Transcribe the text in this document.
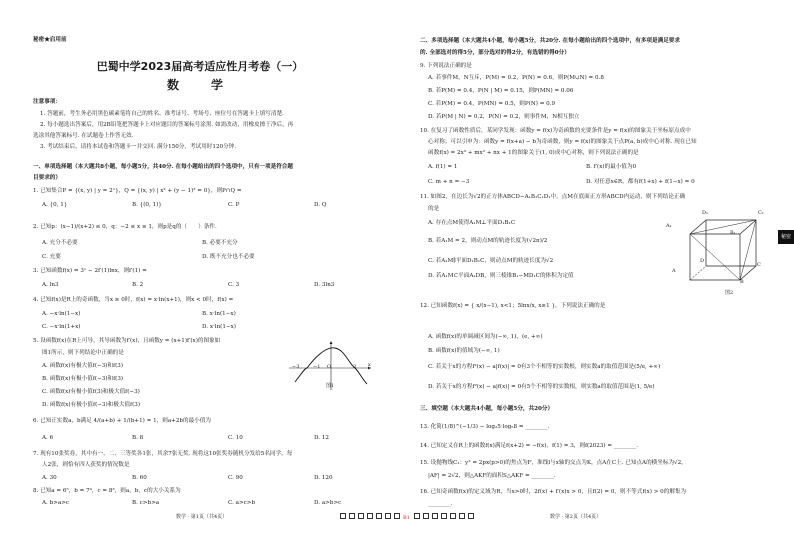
秘密★启用前
巴蜀中学2023届高考适应性月考卷（一）
数　学
注意事项：
1. 答题前，考生务必用黑色碳素笔将自己的姓名、准考证号、考场号、座位号在答题卡上填写清楚.
2. 每小题选出答案后，用2B铅笔把答题卡上对应题目的答案标号涂黑. 如需改动，用橡皮擦干净后，再
选涂其他答案标号. 在试题卷上作答无效.
3. 考试结束后，请将本试卷和答题卡一并交回. 满分150分，考试用时120分钟.
一、单项选择题（本大题共8小题，每小题5分，共40分. 在每小题给出的四个选项中，只有一项是符合题
目要求的）
1. 已知集合P = {(x, y) | y = 2ˣ}，Q = {(x, y) | x² + (y − 1)² = 0}，则P∩Q =
A. {0, 1}	B. {(0, 1)}	C. P	D. Q
2. 已知p：(x−1)/(x+2) ≤ 0，q：−2 ≤ x ≤ 1，则p是q的（　　）条件.
A. 充分不必要	B. 必要不充分
C. 充要	D. 既不充分也不必要
3. 已知函数f(x) = 3ˣ − 2f′(1)lnx，则f′(1) =
A. ln3	B. 2	C. 3	D. 3ln3
4. 已知f(x)是R上的奇函数，当x ≥ 0时，f(x) = x·ln(x+1)，则x < 0时，f(x) =
A. −x·ln(1−x)	B. x·ln(1−x)
C. −x·ln(1+x)	D. x·ln(1−x)
5. 设函数f(x)在R上可导，其导函数为f′(x)，且函数y = (x+1)f′(x)的图象如
图1所示，则下列结论中正确的是
A. 函数f(x)有极大值f(−3)和f(3)
B. 函数f(x)有极小值f(−3)和f(3)
C. 函数f(x)有极小值f(3)和极大值f(−3)
D. 函数f(x)有极小值f(−3)和极大值f(3)
−3	−1 O	3 x
图1
6. 已知正实数a，b满足 4/(a+b) + 1/(b+1) = 1，则a+2b的最小值为
A. 6	B. 8	C. 10	D. 12
7. 现有10张奖券，其中有一、二、三等奖各1张，其余7张无奖. 现将这10张奖券随机分发给5名同学，每
人2张，则恰有四人获奖的情况数是
A. 30	B. 60	C. 90	D. 120
8. 已知a = 6⁵，b = 7⁴，c = 8³，则a，b，c的大小关系为
A. b>a>c	B. c>b>a	C. a>c>b	D. a>b>c
数学 · 第1页（共4页）	B1
二、多项选择题（本大题共4小题，每小题5分，共20分. 在每小题给出的四个选项中，有多项是满足要求
的. 全部选对的得5分，部分选对的得2分，有选错的得0分）
9. 下列说法正确的是
A. 若事件M，N互斥，P(M) = 0.2，P(N) = 0.6，则P(M∪N) = 0.8
B. 若P(M) = 0.4，P(N | M) = 0.15，则P(MN) = 0.06
C. 若P(M) = 0.4，P(MN) = 0.5，则P(N) = 0.9
D. 若P(M | N) = 0.2，P(N) = 0.2，则事件M，N相互独立
10. 在复习了函数性质后，某同学发现：函数y = f(x)为奇函数的充要条件是y = f(x)的图象关于坐标原点成中
心对称；可以引申为：函数y = f(x+a) − b为奇函数，则y = f(x)的图象关于点P(a, b)成中心对称. 现在已知
函数f(x) = 2x³ + mx² + nx + 1的图象关于(1, 0)成中心对称，则下列说法正确的是
A. f(1) = 1	B. f′(x)的最小值为0
C. m + n = −3	D. 对任意x∈R，都有f(1+x) + f(1−x) = 0
11. 如图2，在边长为√2的正方体ABCD−A₁B₁C₁D₁中，点M在底面正方形ABCD内运动，则下列结论正确
的是
A. 存在点M使得A₁M⊥平面D₁B₁C
B. 若A₁M = 2，则动点M的轨迹长度为(√2π)/2
C. 若A₁M∥平面D₁B₁C，则动点M的轨迹长度为√2
D. 若A₁M⊂平面A₁DB，则三棱锥B₁−MD₁C的体积为定值
A₁
D₁
B₁
C₁
A
D
B
C
图2
12. 已知函数f(x) = { x/(x−1), x<1；5lnx/x, x≥1 }，下列说法正确的是
A. 函数f(x)的单调减区间为(−∞, 1)，(e, +∞)
B. 函数f(x)的值域为(−∞, 1)
C. 若关于x的方程f²(x) − a|f(x)| = 0有3个不相等的实数根，则实数a的取值范围是(5/e, +∞)
D. 若关于x的方程f²(x) − a|f(x)| = 0有5个不相等的实数根，则实数a的取值范围是(1, 5/e)
三、填空题（本大题共4小题，每小题5分，共20分）
13. 化简(1/8)^(−1/3) − log₂5·log₅8 = ________.
14. 已知定义在R上的函数f(x)满足f(x+2) = −f(x)，f(1) = 3，则f(2023) = ________.
15. 设抛物线C₁：y² = 2px(p>0)的焦点为F，准线l与x轴的交点为K，点A在C上. 已知点A的横坐标为√2，
|AF| = 2√2，则△AKF的面积S△AKF = ________.
16. 已知奇函数f(x)的定义域为R，当x>0时，2f(x) + f′(x)x > 0，且f(2) = 0，则不等式f(x) > 0的解集为
________.
数学 · 第2页（共4页）
秘密
